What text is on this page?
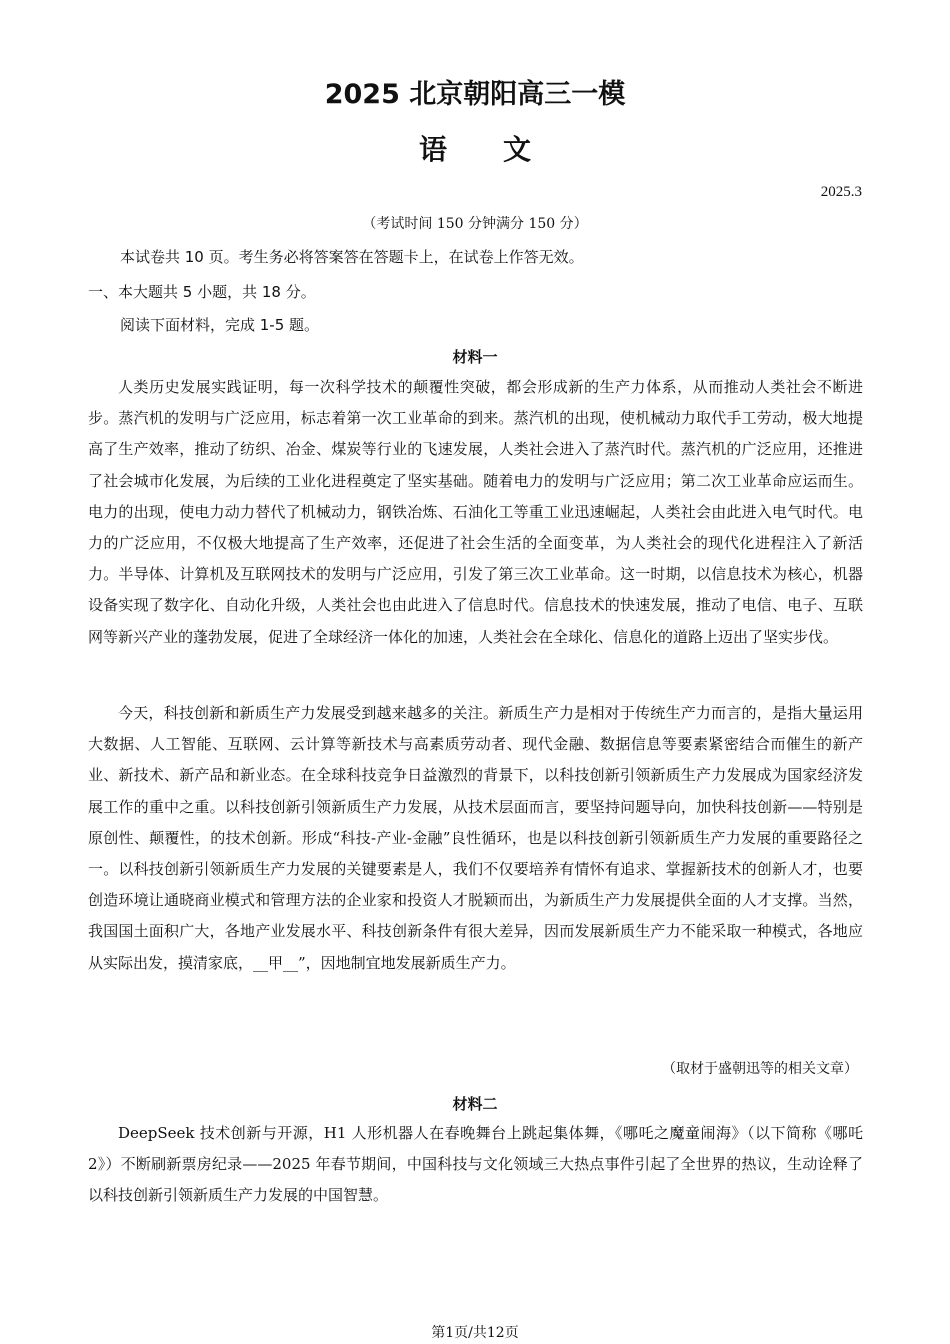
2025 北京朝阳高三一模
语文
2025.3
（考试时间 150 分钟满分 150 分）
本试卷共 10 页。考生务必将答案答在答题卡上，在试卷上作答无效。
一、本大题共 5 小题，共 18 分。
阅读下面材料，完成 1-5 题。
材料一

人类历史发展实践证明，每一次科学技术的颠覆性突破，都会形成新的生产力体系，从而推动人类社会不断进步。蒸汽机的发明与广泛应用，标志着第一次工业革命的到来。蒸汽机的出现，使机械动力取代手工劳动，极大地提高了生产效率，推动了纺织、冶金、煤炭等行业的飞速发展，人类社会进入了蒸汽时代。蒸汽机的广泛应用，还推进了社会城市化发展，为后续的工业化进程奠定了坚实基础。随着电力的发明与广泛应用；第二次工业革命应运而生。电力的出现，使电力动力替代了机械动力，钢铁冶炼、石油化工等重工业迅速崛起，人类社会由此进入电气时代。电力的广泛应用，不仅极大地提高了生产效率，还促进了社会生活的全面变革，为人类社会的现代化进程注入了新活力。半导体、计算机及互联网技术的发明与广泛应用，引发了第三次工业革命。这一时期，以信息技术为核心，机器设备实现了数字化、自动化升级，人类社会也由此进入了信息时代。信息技术的快速发展，推动了电信、电子、互联网等新兴产业的蓬勃发展，促进了全球经济一体化的加速，人类社会在全球化、信息化的道路上迈出了坚实步伐。

今天，科技创新和新质生产力发展受到越来越多的关注。新质生产力是相对于传统生产力而言的，是指大量运用大数据、人工智能、互联网、云计算等新技术与高素质劳动者、现代金融、数据信息等要素紧密结合而催生的新产业、新技术、新产品和新业态。在全球科技竞争日益激烈的背景下，以科技创新引领新质生产力发展成为国家经济发展工作的重中之重。以科技创新引领新质生产力发展，从技术层面而言，要坚持问题导向，加快科技创新——特别是原创性、颠覆性，的技术创新。形成“科技-产业-金融”良性循环，也是以科技创新引领新质生产力发展的重要路径之一。以科技创新引领新质生产力发展的关键要素是人，我们不仅要培养有情怀有追求、掌握新技术的创新人才，也要创造环境让通晓商业模式和管理方法的企业家和投资人才脱颖而出，为新质生产力发展提供全面的人才支撑。当然，我国国土面积广大，各地产业发展水平、科技创新条件有很大差异，因而发展新质生产力不能采取一种模式，各地应从实际出发，摸清家底，__甲__”，因地制宜地发展新质生产力。

（取材于盛朝迅等的相关文章）
材料二

DeepSeek 技术创新与开源，H1 人形机器人在春晚舞台上跳起集体舞，《哪吒之魔童闹海》（以下简称《哪吒 2》）不断刷新票房纪录——2025 年春节期间，中国科技与文化领域三大热点事件引起了全世界的热议，生动诠释了以科技创新引领新质生产力发展的中国智慧。

第1页/共12页
